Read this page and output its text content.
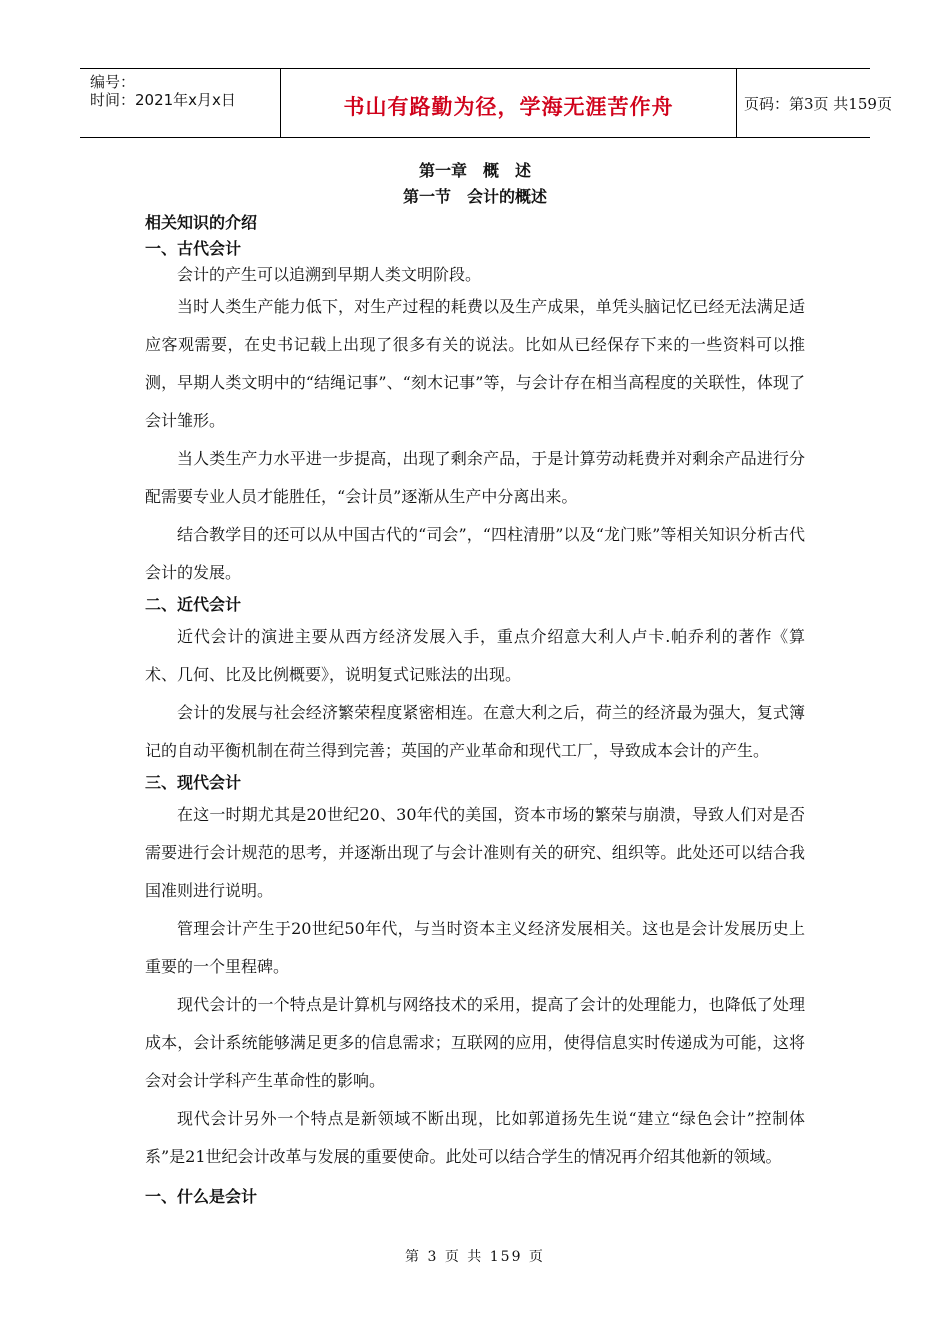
编号：
时间：2021年x月x日	书山有路勤为径，学海无涯苦作舟	页码：第3页 共159页
第一章　概　述
第一节　会计的概述
相关知识的介绍
一、古代会计

会计的产生可以追溯到早期人类文明阶段。

当时人类生产能力低下，对生产过程的耗费以及生产成果，单凭头脑记忆已经无法满足适应客观需要，在史书记载上出现了很多有关的说法。比如从已经保存下来的一些资料可以推测，早期人类文明中的“结绳记事”、“刻木记事”等，与会计存在相当高程度的关联性，体现了会计雏形。

当人类生产力水平进一步提高，出现了剩余产品，于是计算劳动耗费并对剩余产品进行分配需要专业人员才能胜任，“会计员”逐渐从生产中分离出来。

结合教学目的还可以从中国古代的“司会”，“四柱清册”以及“龙门账”等相关知识分析古代会计的发展。

二、近代会计

近代会计的演进主要从西方经济发展入手，重点介绍意大利人卢卡.帕乔利的著作《算术、几何、比及比例概要》，说明复式记账法的出现。

会计的发展与社会经济繁荣程度紧密相连。在意大利之后，荷兰的经济最为强大，复式簿记的自动平衡机制在荷兰得到完善；英国的产业革命和现代工厂，导致成本会计的产生。

三、现代会计

在这一时期尤其是20世纪20、30年代的美国，资本市场的繁荣与崩溃，导致人们对是否需要进行会计规范的思考，并逐渐出现了与会计准则有关的研究、组织等。此处还可以结合我国准则进行说明。

管理会计产生于20世纪50年代，与当时资本主义经济发展相关。这也是会计发展历史上重要的一个里程碑。

现代会计的一个特点是计算机与网络技术的采用，提高了会计的处理能力，也降低了处理成本，会计系统能够满足更多的信息需求；互联网的应用，使得信息实时传递成为可能，这将会对会计学科产生革命性的影响。

现代会计另外一个特点是新领域不断出现，比如郭道扬先生说“建立“绿色会计”控制体系”是21世纪会计改革与发展的重要使命。此处可以结合学生的情况再介绍其他新的领域。

一、什么是会计
第 3 页 共 159 页
